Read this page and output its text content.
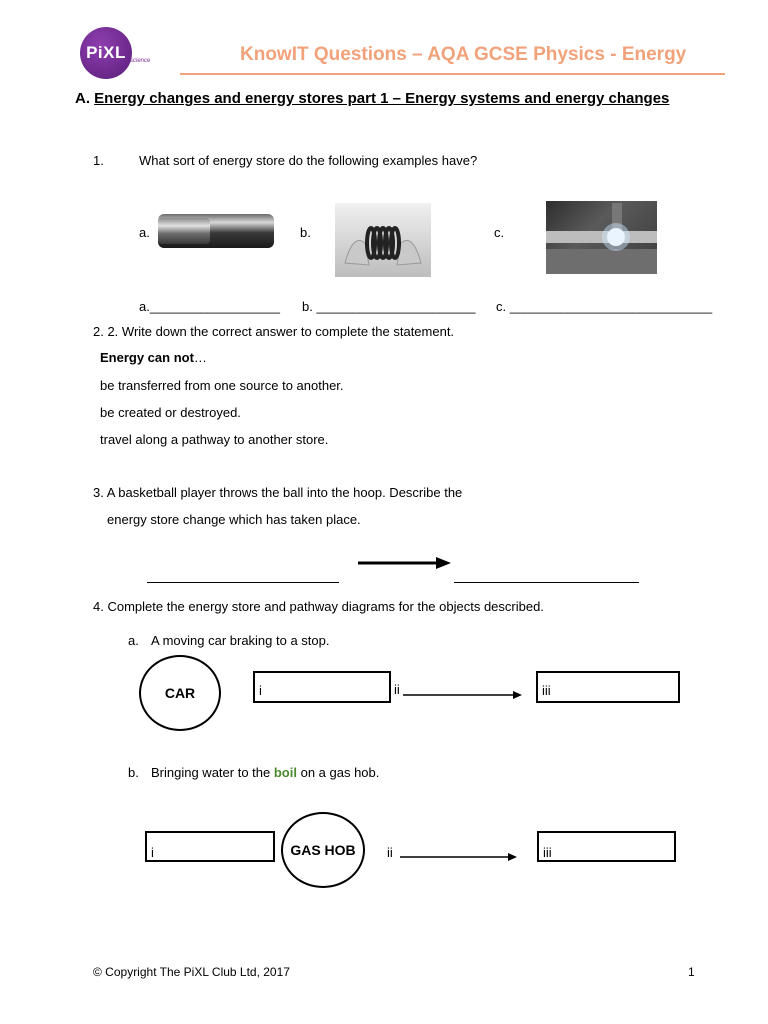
PiXL science	KnowIT Questions – AQA GCSE Physics - Energy
A. Energy changes and energy stores part 1 – Energy systems and energy changes
1.	What sort of energy store do the following examples have?
a.	b.	c.
a.__________________ b. ______________________ c. ____________________________
2. 2. Write down the correct answer to complete the statement.
Energy can not…
be transferred from one source to another.
be created or destroyed.
travel along a pathway to another store.
3. A basketball player throws the ball into the hoop. Describe the
energy store change which has taken place.
4. Complete the energy store and pathway diagrams for the objects described.
a. A moving car braking to a stop.
CAR	i	ii	iii
b. Bringing water to the boil on a gas hob.
i	GAS HOB ii	iii
© Copyright The PiXL Club Ltd, 2017	1
